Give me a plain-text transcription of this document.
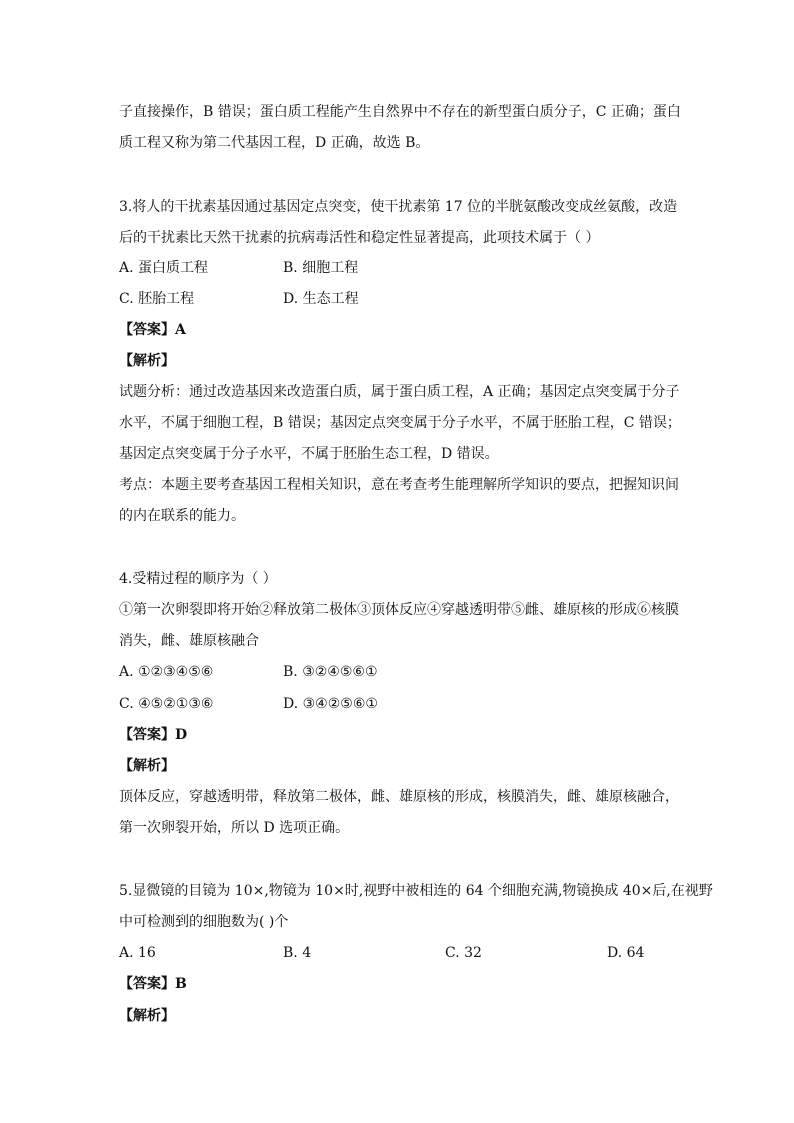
子直接操作，B 错误；蛋白质工程能产生自然界中不存在的新型蛋白质分子，C 正确；蛋白
质工程又称为第二代基因工程，D 正确，故选 B。
3.将人的干扰素基因通过基因定点突变，使干扰素第 17 位的半胱氨酸改变成丝氨酸，改造
后的干扰素比天然干扰素的抗病毒活性和稳定性显著提高，此项技术属于（ ）
A. 蛋白质工程	B. 细胞工程
C. 胚胎工程	D. 生态工程
【答案】A
【解析】
试题分析：通过改造基因来改造蛋白质，属于蛋白质工程，A 正确；基因定点突变属于分子
水平，不属于细胞工程，B 错误；基因定点突变属于分子水平，不属于胚胎工程，C 错误；
基因定点突变属于分子水平，不属于胚胎生态工程，D 错误。
考点：本题主要考查基因工程相关知识，意在考查考生能理解所学知识的要点，把握知识间
的内在联系的能力。
4.受精过程的顺序为（ ）
①第一次卵裂即将开始②释放第二极体③顶体反应④穿越透明带⑤雌、雄原核的形成⑥核膜
消失，雌、雄原核融合
A. ①②③④⑤⑥	B. ③②④⑤⑥①
C. ④⑤②①③⑥	D. ③④②⑤⑥①
【答案】D
【解析】
顶体反应，穿越透明带，释放第二极体，雌、雄原核的形成，核膜消失，雌、雄原核融合，
第一次卵裂开始，所以 D 选项正确。
5.显微镜的目镜为 10×,物镜为 10×时,视野中被相连的 64 个细胞充满,物镜换成 40×后,在视野
中可检测到的细胞数为( )个
A. 16	B. 4	C. 32	D. 64
【答案】B
【解析】
